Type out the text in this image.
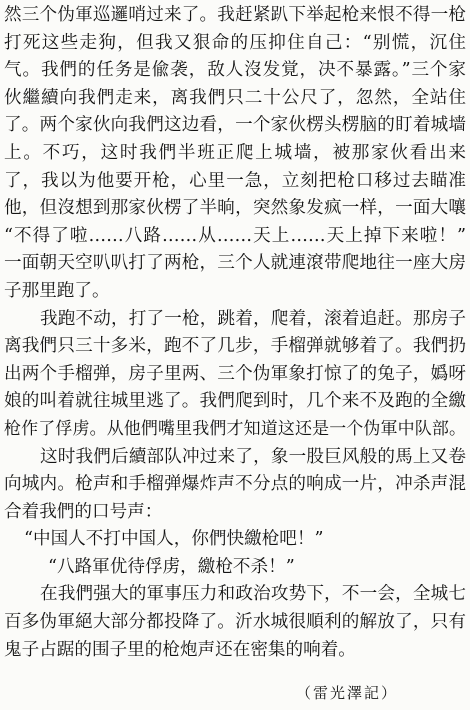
然三个伪軍巡邏哨过来了。我赶紧趴下举起枪来恨不得一枪
打死这些走狗，但我又狠命的压抑住自己：“别慌，沉住
气。我們的任务是偸袭，敌人沒发覚，决不暴露。”三个家
伙繼續向我們走来，离我們只二十公尺了，忽然，全站住
了。两个家伙向我們这边看，一个家伙楞头楞脑的盯着城墙
上。不巧，这时我們半班正爬上城墙，被那家伙看出来
了，我以为他要开枪，心里一急，立刻把枪口移过去瞄准
他，但沒想到那家伙楞了半晌，突然象发疯一样，一面大嚷
“不得了啦……八路……从……天上……天上掉下来啦！”
一面朝天空叭叭打了两枪，三个人就連滾带爬地往一座大房
子那里跑了。
我跑不动，打了一枪，跳着，爬着，滚着追赶。那房子
离我們只三十多米，跑不了几步，手榴弹就够着了。我們扔
出两个手榴弹，房子里两、三个伪軍象打惊了的兔子，嬀呀
娘的叫着就往城里逃了。我們爬到时，几个来不及跑的全繳
枪作了俘虏。从他們嘴里我們才知道这还是一个伪軍中队部。
这时我們后續部队冲过来了，象一股巨风般的馬上又卷
向城内。枪声和手榴弹爆炸声不分点的响成一片，冲杀声混
合着我們的口号声：
“中国人不打中国人，你們快繳枪吧！”
“八路軍优待俘虏，繳枪不杀！”
在我們强大的軍事压力和政治攻势下，不一会，全城七
百多伪軍絕大部分都投降了。沂水城很順利的解放了，只有
鬼子占踞的围子里的枪炮声还在密集的响着。
（雷光澤記）
